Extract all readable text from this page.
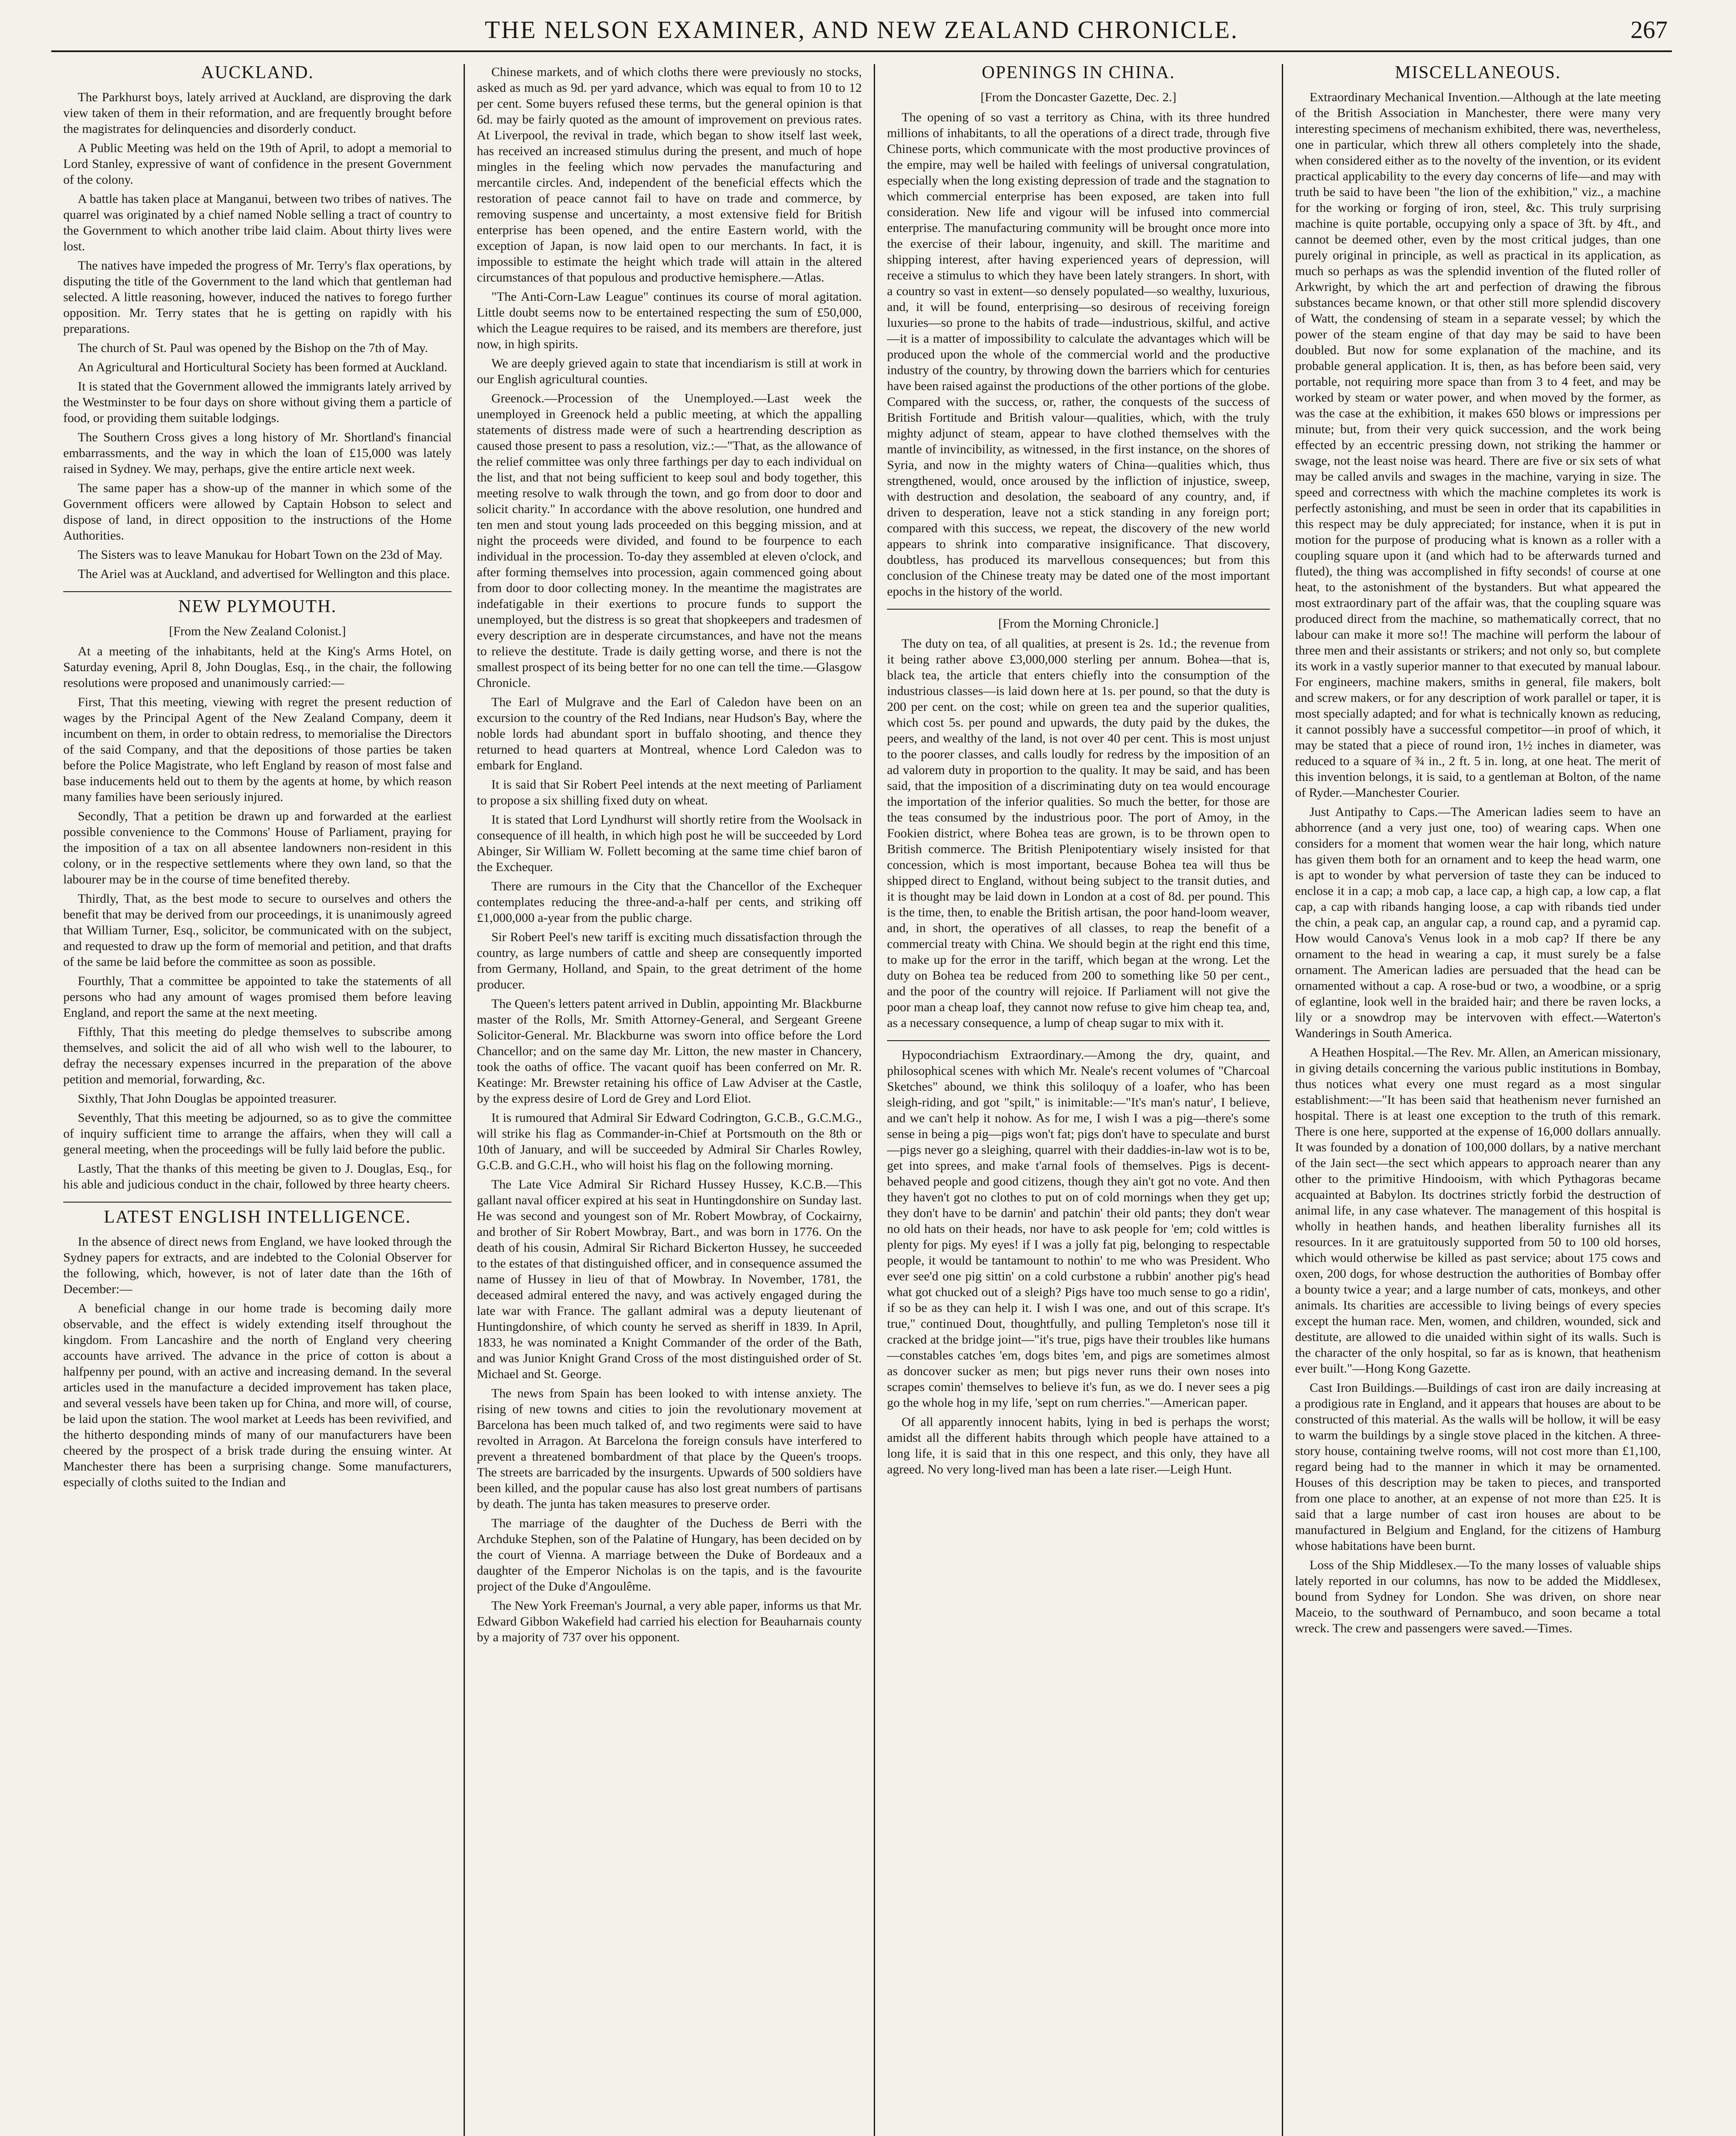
THE NELSON EXAMINER, AND NEW ZEALAND CHRONICLE.	267
AUCKLAND.

The Parkhurst boys, lately arrived at Auckland, are disproving the dark view taken of them in their reformation, and are frequently brought before the magistrates for delinquencies and disorderly conduct.

A Public Meeting was held on the 19th of April, to adopt a memorial to Lord Stanley, expressive of want of confidence in the present Government of the colony.

A battle has taken place at Manganui, between two tribes of natives. The quarrel was originated by a chief named Noble selling a tract of country to the Government to which another tribe laid claim. About thirty lives were lost.

The natives have impeded the progress of Mr. Terry's flax operations, by disputing the title of the Government to the land which that gentleman had selected. A little reasoning, however, induced the natives to forego further opposition. Mr. Terry states that he is getting on rapidly with his preparations.

The church of St. Paul was opened by the Bishop on the 7th of May.

An Agricultural and Horticultural Society has been formed at Auckland.

It is stated that the Government allowed the immigrants lately arrived by the Westminster to be four days on shore without giving them a particle of food, or providing them suitable lodgings.

The Southern Cross gives a long history of Mr. Shortland's financial embarrassments, and the way in which the loan of £15,000 was lately raised in Sydney. We may, perhaps, give the entire article next week.

The same paper has a show-up of the manner in which some of the Government officers were allowed by Captain Hobson to select and dispose of land, in direct opposition to the instructions of the Home Authorities.

The Sisters was to leave Manukau for Hobart Town on the 23d of May.

The Ariel was at Auckland, and advertised for Wellington and this place.

NEW PLYMOUTH.

[From the New Zealand Colonist.]

At a meeting of the inhabitants, held at the King's Arms Hotel, on Saturday evening, April 8, John Douglas, Esq., in the chair, the following resolutions were proposed and unanimously carried:—

First, That this meeting, viewing with regret the present reduction of wages by the Principal Agent of the New Zealand Company, deem it incumbent on them, in order to obtain redress, to memorialise the Directors of the said Company, and that the depositions of those parties be taken before the Police Magistrate, who left England by reason of most false and base inducements held out to them by the agents at home, by which reason many families have been seriously injured.

Secondly, That a petition be drawn up and forwarded at the earliest possible convenience to the Commons' House of Parliament, praying for the imposition of a tax on all absentee landowners non-resident in this colony, or in the respective settlements where they own land, so that the labourer may be in the course of time benefited thereby.

Thirdly, That, as the best mode to secure to ourselves and others the benefit that may be derived from our proceedings, it is unanimously agreed that William Turner, Esq., solicitor, be communicated with on the subject, and requested to draw up the form of memorial and petition, and that drafts of the same be laid before the committee as soon as possible.

Fourthly, That a committee be appointed to take the statements of all persons who had any amount of wages promised them before leaving England, and report the same at the next meeting.

Fifthly, That this meeting do pledge themselves to subscribe among themselves, and solicit the aid of all who wish well to the labourer, to defray the necessary expenses incurred in the preparation of the above petition and memorial, forwarding, &c.

Sixthly, That John Douglas be appointed treasurer.

Seventhly, That this meeting be adjourned, so as to give the committee of inquiry sufficient time to arrange the affairs, when they will call a general meeting, when the proceedings will be fully laid before the public.

Lastly, That the thanks of this meeting be given to J. Douglas, Esq., for his able and judicious conduct in the chair, followed by three hearty cheers.

LATEST ENGLISH INTELLIGENCE.

In the absence of direct news from England, we have looked through the Sydney papers for extracts, and are indebted to the Colonial Observer for the following, which, however, is not of later date than the 16th of December:—

A beneficial change in our home trade is becoming daily more observable, and the effect is widely extending itself throughout the kingdom. From Lancashire and the north of England very cheering accounts have arrived. The advance in the price of cotton is about a halfpenny per pound, with an active and increasing demand. In the several articles used in the manufacture a decided improvement has taken place, and several vessels have been taken up for China, and more will, of course, be laid upon the station. The wool market at Leeds has been revivified, and the hitherto desponding minds of many of our manufacturers have been cheered by the prospect of a brisk trade during the ensuing winter. At Manchester there has been a surprising change. Some manufacturers, especially of cloths suited to the Indian and

Chinese markets, and of which cloths there were previously no stocks, asked as much as 9d. per yard advance, which was equal to from 10 to 12 per cent. Some buyers refused these terms, but the general opinion is that 6d. may be fairly quoted as the amount of improvement on previous rates. At Liverpool, the revival in trade, which began to show itself last week, has received an increased stimulus during the present, and much of hope mingles in the feeling which now pervades the manufacturing and mercantile circles. And, independent of the beneficial effects which the restoration of peace cannot fail to have on trade and commerce, by removing suspense and uncertainty, a most extensive field for British enterprise has been opened, and the entire Eastern world, with the exception of Japan, is now laid open to our merchants. In fact, it is impossible to estimate the height which trade will attain in the altered circumstances of that populous and productive hemisphere.—Atlas.

"The Anti-Corn-Law League" continues its course of moral agitation. Little doubt seems now to be entertained respecting the sum of £50,000, which the League requires to be raised, and its members are therefore, just now, in high spirits.

We are deeply grieved again to state that incendiarism is still at work in our English agricultural counties.

Greenock.—Procession of the Unemployed.—Last week the unemployed in Greenock held a public meeting, at which the appalling statements of distress made were of such a heartrending description as caused those present to pass a resolution, viz.:—"That, as the allowance of the relief committee was only three farthings per day to each individual on the list, and that not being sufficient to keep soul and body together, this meeting resolve to walk through the town, and go from door to door and solicit charity." In accordance with the above resolution, one hundred and ten men and stout young lads proceeded on this begging mission, and at night the proceeds were divided, and found to be fourpence to each individual in the procession. To-day they assembled at eleven o'clock, and after forming themselves into procession, again commenced going about from door to door collecting money. In the meantime the magistrates are indefatigable in their exertions to procure funds to support the unemployed, but the distress is so great that shopkeepers and tradesmen of every description are in desperate circumstances, and have not the means to relieve the destitute. Trade is daily getting worse, and there is not the smallest prospect of its being better for no one can tell the time.—Glasgow Chronicle.

The Earl of Mulgrave and the Earl of Caledon have been on an excursion to the country of the Red Indians, near Hudson's Bay, where the noble lords had abundant sport in buffalo shooting, and thence they returned to head quarters at Montreal, whence Lord Caledon was to embark for England.

It is said that Sir Robert Peel intends at the next meeting of Parliament to propose a six shilling fixed duty on wheat.

It is stated that Lord Lyndhurst will shortly retire from the Woolsack in consequence of ill health, in which high post he will be succeeded by Lord Abinger, Sir William W. Follett becoming at the same time chief baron of the Exchequer.

There are rumours in the City that the Chancellor of the Exchequer contemplates reducing the three-and-a-half per cents, and striking off £1,000,000 a-year from the public charge.

Sir Robert Peel's new tariff is exciting much dissatisfaction through the country, as large numbers of cattle and sheep are consequently imported from Germany, Holland, and Spain, to the great detriment of the home producer.

The Queen's letters patent arrived in Dublin, appointing Mr. Blackburne master of the Rolls, Mr. Smith Attorney-General, and Sergeant Greene Solicitor-General. Mr. Blackburne was sworn into office before the Lord Chancellor; and on the same day Mr. Litton, the new master in Chancery, took the oaths of office. The vacant quoif has been conferred on Mr. R. Keatinge: Mr. Brewster retaining his office of Law Adviser at the Castle, by the express desire of Lord de Grey and Lord Eliot.

It is rumoured that Admiral Sir Edward Codrington, G.C.B., G.C.M.G., will strike his flag as Commander-in-Chief at Portsmouth on the 8th or 10th of January, and will be succeeded by Admiral Sir Charles Rowley, G.C.B. and G.C.H., who will hoist his flag on the following morning.

The Late Vice Admiral Sir Richard Hussey Hussey, K.C.B.—This gallant naval officer expired at his seat in Huntingdonshire on Sunday last. He was second and youngest son of Mr. Robert Mowbray, of Cockairny, and brother of Sir Robert Mowbray, Bart., and was born in 1776. On the death of his cousin, Admiral Sir Richard Bickerton Hussey, he succeeded to the estates of that distinguished officer, and in consequence assumed the name of Hussey in lieu of that of Mowbray. In November, 1781, the deceased admiral entered the navy, and was actively engaged during the late war with France. The gallant admiral was a deputy lieutenant of Huntingdonshire, of which county he served as sheriff in 1839. In April, 1833, he was nominated a Knight Commander of the order of the Bath, and was Junior Knight Grand Cross of the most distinguished order of St. Michael and St. George.

The news from Spain has been looked to with intense anxiety. The rising of new towns and cities to join the revolutionary movement at Barcelona has been much talked of, and two regiments were said to have revolted in Arragon. At Barcelona the foreign consuls have interfered to prevent a threatened bombardment of that place by the Queen's troops. The streets are barricaded by the insurgents. Upwards of 500 soldiers have been killed, and the popular cause has also lost great numbers of partisans by death. The junta has taken measures to preserve order.

The marriage of the daughter of the Duchess de Berri with the Archduke Stephen, son of the Palatine of Hungary, has been decided on by the court of Vienna. A marriage between the Duke of Bordeaux and a daughter of the Emperor Nicholas is on the tapis, and is the favourite project of the Duke d'Angoulême.

The New York Freeman's Journal, a very able paper, informs us that Mr. Edward Gibbon Wakefield had carried his election for Beauharnais county by a majority of 737 over his opponent.

OPENINGS IN CHINA.

[From the Doncaster Gazette, Dec. 2.]

The opening of so vast a territory as China, with its three hundred millions of inhabitants, to all the operations of a direct trade, through five Chinese ports, which communicate with the most productive provinces of the empire, may well be hailed with feelings of universal congratulation, especially when the long existing depression of trade and the stagnation to which commercial enterprise has been exposed, are taken into full consideration. New life and vigour will be infused into commercial enterprise. The manufacturing community will be brought once more into the exercise of their labour, ingenuity, and skill. The maritime and shipping interest, after having experienced years of depression, will receive a stimulus to which they have been lately strangers. In short, with a country so vast in extent—so densely populated—so wealthy, luxurious, and, it will be found, enterprising—so desirous of receiving foreign luxuries—so prone to the habits of trade—industrious, skilful, and active—it is a matter of impossibility to calculate the advantages which will be produced upon the whole of the commercial world and the productive industry of the country, by throwing down the barriers which for centuries have been raised against the productions of the other portions of the globe. Compared with the success, or, rather, the conquests of the success of British Fortitude and British valour—qualities, which, with the truly mighty adjunct of steam, appear to have clothed themselves with the mantle of invincibility, as witnessed, in the first instance, on the shores of Syria, and now in the mighty waters of China—qualities which, thus strengthened, would, once aroused by the infliction of injustice, sweep, with destruction and desolation, the seaboard of any country, and, if driven to desperation, leave not a stick standing in any foreign port; compared with this success, we repeat, the discovery of the new world appears to shrink into comparative insignificance. That discovery, doubtless, has produced its marvellous consequences; but from this conclusion of the Chinese treaty may be dated one of the most important epochs in the history of the world.

[From the Morning Chronicle.]

The duty on tea, of all qualities, at present is 2s. 1d.; the revenue from it being rather above £3,000,000 sterling per annum. Bohea—that is, black tea, the article that enters chiefly into the consumption of the industrious classes—is laid down here at 1s. per pound, so that the duty is 200 per cent. on the cost; while on green tea and the superior qualities, which cost 5s. per pound and upwards, the duty paid by the dukes, the peers, and wealthy of the land, is not over 40 per cent. This is most unjust to the poorer classes, and calls loudly for redress by the imposition of an ad valorem duty in proportion to the quality. It may be said, and has been said, that the imposition of a discriminating duty on tea would encourage the importation of the inferior qualities. So much the better, for those are the teas consumed by the industrious poor. The port of Amoy, in the Fookien district, where Bohea teas are grown, is to be thrown open to British commerce. The British Plenipotentiary wisely insisted for that concession, which is most important, because Bohea tea will thus be shipped direct to England, without being subject to the transit duties, and it is thought may be laid down in London at a cost of 8d. per pound. This is the time, then, to enable the British artisan, the poor hand-loom weaver, and, in short, the operatives of all classes, to reap the benefit of a commercial treaty with China. We should begin at the right end this time, to make up for the error in the tariff, which began at the wrong. Let the duty on Bohea tea be reduced from 200 to something like 50 per cent., and the poor of the country will rejoice. If Parliament will not give the poor man a cheap loaf, they cannot now refuse to give him cheap tea, and, as a necessary consequence, a lump of cheap sugar to mix with it.

Hypocondriachism Extraordinary.—Among the dry, quaint, and philosophical scenes with which Mr. Neale's recent volumes of "Charcoal Sketches" abound, we think this soliloquy of a loafer, who has been sleigh-riding, and got "spilt," is inimitable:—"It's man's natur', I believe, and we can't help it nohow. As for me, I wish I was a pig—there's some sense in being a pig—pigs won't fat; pigs don't have to speculate and burst—pigs never go a sleighing, quarrel with their daddies-in-law wot is to be, get into sprees, and make t'arnal fools of themselves. Pigs is decent-behaved people and good citizens, though they ain't got no vote. And then they haven't got no clothes to put on of cold mornings when they get up; they don't have to be darnin' and patchin' their old pants; they don't wear no old hats on their heads, nor have to ask people for 'em; cold wittles is plenty for pigs. My eyes! if I was a jolly fat pig, belonging to respectable people, it would be tantamount to nothin' to me who was President. Who ever see'd one pig sittin' on a cold curbstone a rubbin' another pig's head what got chucked out of a sleigh? Pigs have too much sense to go a ridin', if so be as they can help it. I wish I was one, and out of this scrape. It's true," continued Dout, thoughtfully, and pulling Templeton's nose till it cracked at the bridge joint—"it's true, pigs have their troubles like humans—constables catches 'em, dogs bites 'em, and pigs are sometimes almost as doncover sucker as men; but pigs never runs their own noses into scrapes comin' themselves to believe it's fun, as we do. I never sees a pig go the whole hog in my life, 'sept on rum cherries."—American paper.

Of all apparently innocent habits, lying in bed is perhaps the worst; amidst all the different habits through which people have attained to a long life, it is said that in this one respect, and this only, they have all agreed. No very long-lived man has been a late riser.—Leigh Hunt.

MISCELLANEOUS.

Extraordinary Mechanical Invention.—Although at the late meeting of the British Association in Manchester, there were many very interesting specimens of mechanism exhibited, there was, nevertheless, one in particular, which threw all others completely into the shade, when considered either as to the novelty of the invention, or its evident practical applicability to the every day concerns of life—and may with truth be said to have been "the lion of the exhibition," viz., a machine for the working or forging of iron, steel, &c. This truly surprising machine is quite portable, occupying only a space of 3ft. by 4ft., and cannot be deemed other, even by the most critical judges, than one purely original in principle, as well as practical in its application, as much so perhaps as was the splendid invention of the fluted roller of Arkwright, by which the art and perfection of drawing the fibrous substances became known, or that other still more splendid discovery of Watt, the condensing of steam in a separate vessel; by which the power of the steam engine of that day may be said to have been doubled. But now for some explanation of the machine, and its probable general application. It is, then, as has before been said, very portable, not requiring more space than from 3 to 4 feet, and may be worked by steam or water power, and when moved by the former, as was the case at the exhibition, it makes 650 blows or impressions per minute; but, from their very quick succession, and the work being effected by an eccentric pressing down, not striking the hammer or swage, not the least noise was heard. There are five or six sets of what may be called anvils and swages in the machine, varying in size. The speed and correctness with which the machine completes its work is perfectly astonishing, and must be seen in order that its capabilities in this respect may be duly appreciated; for instance, when it is put in motion for the purpose of producing what is known as a roller with a coupling square upon it (and which had to be afterwards turned and fluted), the thing was accomplished in fifty seconds! of course at one heat, to the astonishment of the bystanders. But what appeared the most extraordinary part of the affair was, that the coupling square was produced direct from the machine, so mathematically correct, that no labour can make it more so!! The machine will perform the labour of three men and their assistants or strikers; and not only so, but complete its work in a vastly superior manner to that executed by manual labour. For engineers, machine makers, smiths in general, file makers, bolt and screw makers, or for any description of work parallel or taper, it is most specially adapted; and for what is technically known as reducing, it cannot possibly have a successful competitor—in proof of which, it may be stated that a piece of round iron, 1½ inches in diameter, was reduced to a square of ¾ in., 2 ft. 5 in. long, at one heat. The merit of this invention belongs, it is said, to a gentleman at Bolton, of the name of Ryder.—Manchester Courier.

Just Antipathy to Caps.—The American ladies seem to have an abhorrence (and a very just one, too) of wearing caps. When one considers for a moment that women wear the hair long, which nature has given them both for an ornament and to keep the head warm, one is apt to wonder by what perversion of taste they can be induced to enclose it in a cap; a mob cap, a lace cap, a high cap, a low cap, a flat cap, a cap with ribands hanging loose, a cap with ribands tied under the chin, a peak cap, an angular cap, a round cap, and a pyramid cap. How would Canova's Venus look in a mob cap? If there be any ornament to the head in wearing a cap, it must surely be a false ornament. The American ladies are persuaded that the head can be ornamented without a cap. A rose-bud or two, a woodbine, or a sprig of eglantine, look well in the braided hair; and there be raven locks, a lily or a snowdrop may be intervoven with effect.—Waterton's Wanderings in South America.

A Heathen Hospital.—The Rev. Mr. Allen, an American missionary, in giving details concerning the various public institutions in Bombay, thus notices what every one must regard as a most singular establishment:—"It has been said that heathenism never furnished an hospital. There is at least one exception to the truth of this remark. There is one here, supported at the expense of 16,000 dollars annually. It was founded by a donation of 100,000 dollars, by a native merchant of the Jain sect—the sect which appears to approach nearer than any other to the primitive Hindooism, with which Pythagoras became acquainted at Babylon. Its doctrines strictly forbid the destruction of animal life, in any case whatever. The management of this hospital is wholly in heathen hands, and heathen liberality furnishes all its resources. In it are gratuitously supported from 50 to 100 old horses, which would otherwise be killed as past service; about 175 cows and oxen, 200 dogs, for whose destruction the authorities of Bombay offer a bounty twice a year; and a large number of cats, monkeys, and other animals. Its charities are accessible to living beings of every species except the human race. Men, women, and children, wounded, sick and destitute, are allowed to die unaided within sight of its walls. Such is the character of the only hospital, so far as is known, that heathenism ever built."—Hong Kong Gazette.

Cast Iron Buildings.—Buildings of cast iron are daily increasing at a prodigious rate in England, and it appears that houses are about to be constructed of this material. As the walls will be hollow, it will be easy to warm the buildings by a single stove placed in the kitchen. A three-story house, containing twelve rooms, will not cost more than £1,100, regard being had to the manner in which it may be ornamented. Houses of this description may be taken to pieces, and transported from one place to another, at an expense of not more than £25. It is said that a large number of cast iron houses are about to be manufactured in Belgium and England, for the citizens of Hamburg whose habitations have been burnt.

Loss of the Ship Middlesex.—To the many losses of valuable ships lately reported in our columns, has now to be added the Middlesex, bound from Sydney for London. She was driven, on shore near Maceio, to the southward of Pernambuco, and soon became a total wreck. The crew and passengers were saved.—Times.
